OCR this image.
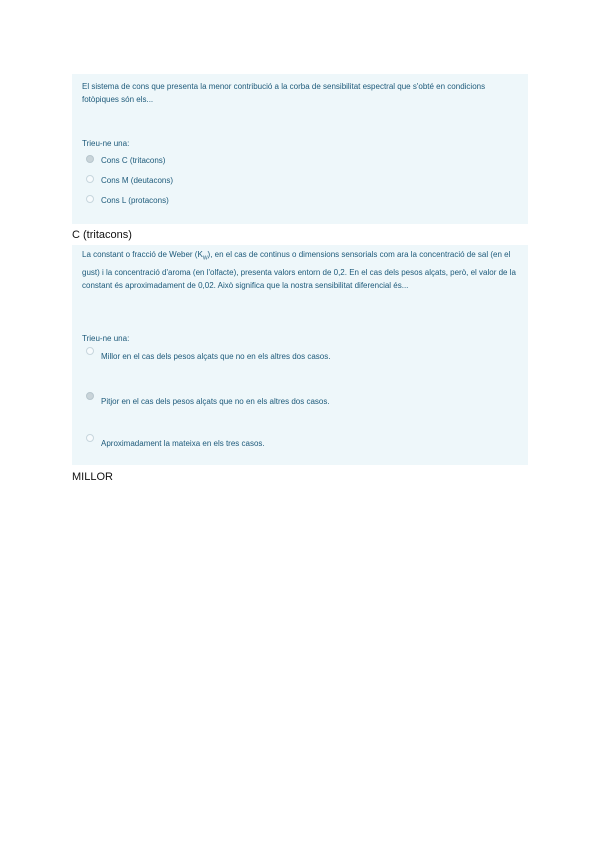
El sistema de cons que presenta la menor contribució a la corba de sensibilitat espectral que s'obté en condicions fotòpiques són els...
Trieu-ne una:
Cons C (tritacons)
Cons M (deutacons)
Cons L (protacons)
C (tritacons)
La constant o fracció de Weber $(K_W)$, en el cas de continus o dimensions sensorials com ara la concentració de sal (en el gust) i la concentració d'aroma (en l'olfacte), presenta valors entorn de 0,2. En el cas dels pesos alçats, però, el valor de la constant és aproximadament de 0,02. Això significa que la nostra sensibilitat diferencial és...
Trieu-ne una:
Millor en el cas dels pesos alçats que no en els altres dos casos.
Pitjor en el cas dels pesos alçats que no en els altres dos casos.
Aproximadament la mateixa en els tres casos.
MILLOR
